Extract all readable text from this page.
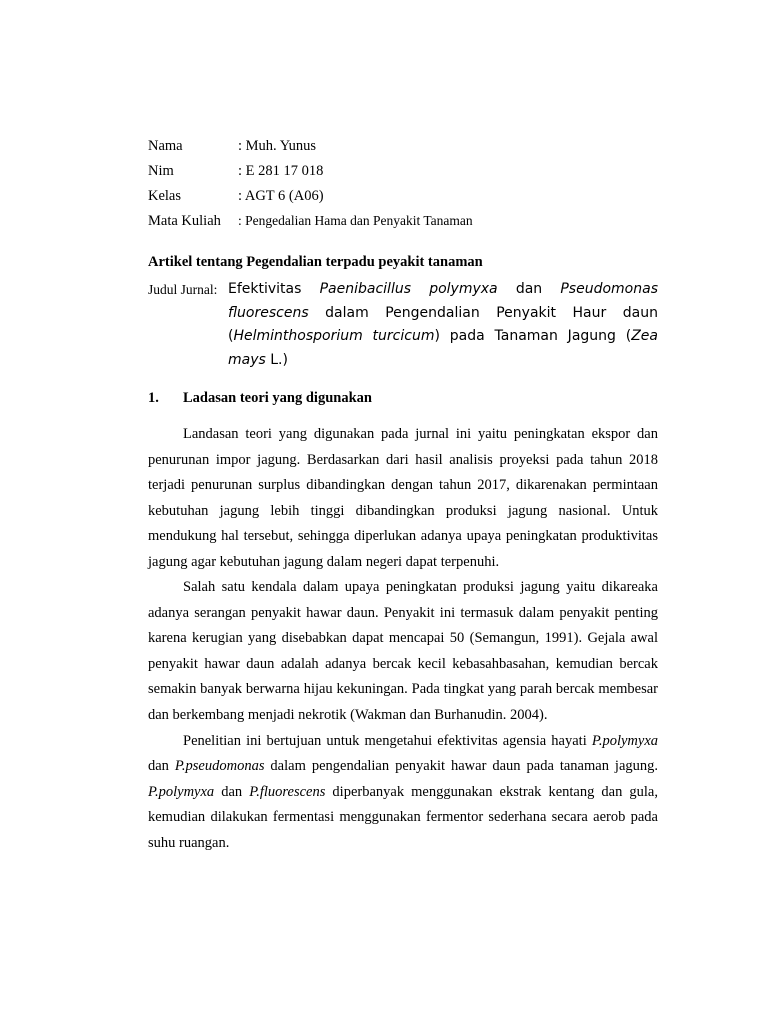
Nama	: Muh. Yunus
Nim	: E 281 17 018
Kelas	: AGT 6 (A06)
Mata Kuliah : Pengedalian Hama dan Penyakit Tanaman
Artikel tentang Pegendalian terpadu peyakit tanaman
Judul Jurnal: Efektivitas Paenibacillus polymyxa dan Pseudomonas fluorescens dalam Pengendalian Penyakit Haur daun (Helminthosporium turcicum) pada Tanaman Jagung (Zea mays L.)
1. Ladasan teori yang digunakan

Landasan teori yang digunakan pada jurnal ini yaitu peningkatan ekspor dan penurunan impor jagung. Berdasarkan dari hasil analisis proyeksi pada tahun 2018 terjadi penurunan surplus dibandingkan dengan tahun 2017, dikarenakan permintaan kebutuhan jagung lebih tinggi dibandingkan produksi jagung nasional. Untuk mendukung hal tersebut, sehingga diperlukan adanya upaya peningkatan produktivitas jagung agar kebutuhan jagung dalam negeri dapat terpenuhi.

Salah satu kendala dalam upaya peningkatan produksi jagung yaitu dikareaka adanya serangan penyakit hawar daun. Penyakit ini termasuk dalam penyakit penting karena kerugian yang disebabkan dapat mencapai 50 (Semangun, 1991). Gejala awal penyakit hawar daun adalah adanya bercak kecil kebasahbasahan, kemudian bercak semakin banyak berwarna hijau kekuningan. Pada tingkat yang parah bercak membesar dan berkembang menjadi nekrotik (Wakman dan Burhanudin. 2004).

Penelitian ini bertujuan untuk mengetahui efektivitas agensia hayati P.polymyxa dan P.pseudomonas dalam pengendalian penyakit hawar daun pada tanaman jagung. P.polymyxa dan P.fluorescens diperbanyak menggunakan ekstrak kentang dan gula, kemudian dilakukan fermentasi menggunakan fermentor sederhana secara aerob pada suhu ruangan.
